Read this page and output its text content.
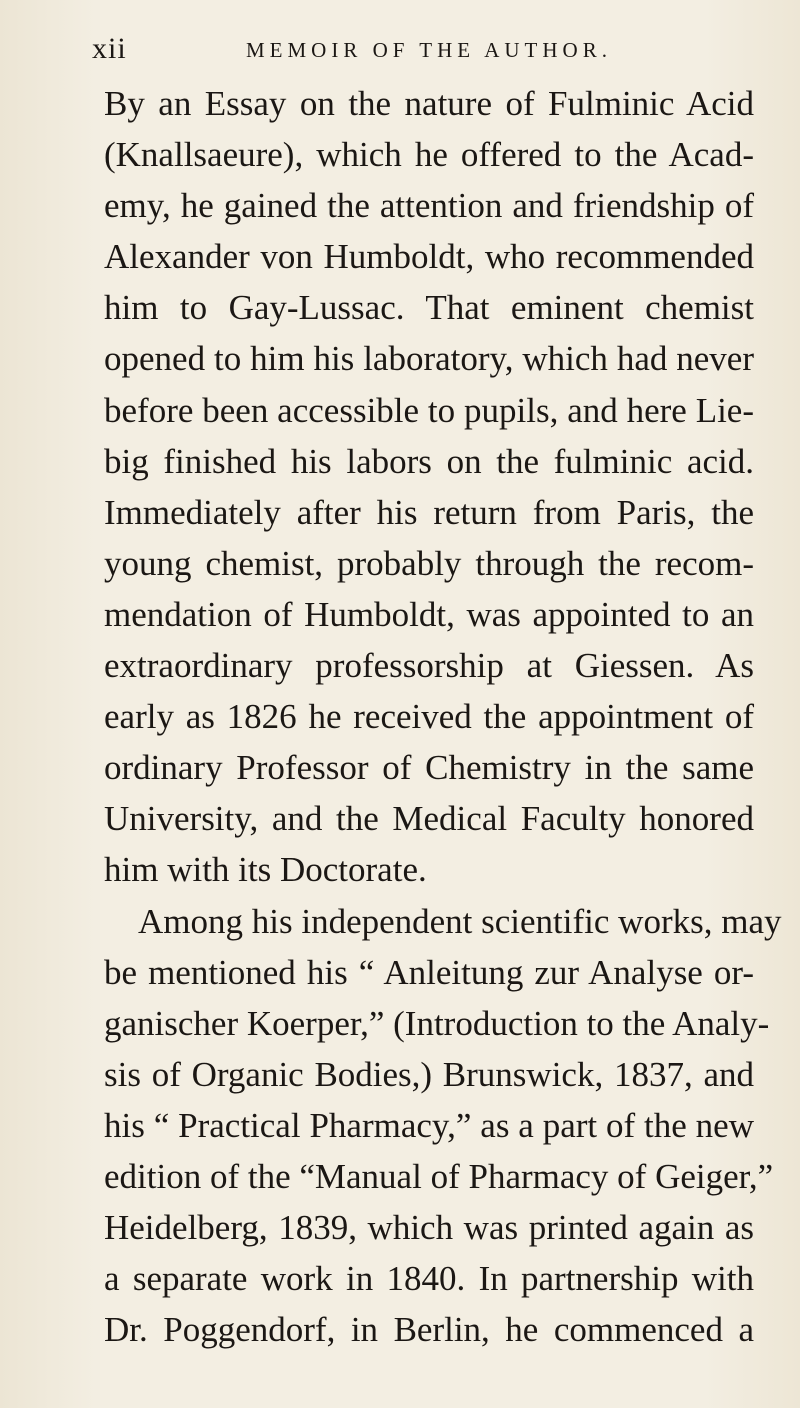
xii	MEMOIR OF THE AUTHOR.
By an Essay on the nature of Fulminic Acid
(Knallsaeure), which he offered to the Acad-
emy, he gained the attention and friendship of
Alexander von Humboldt, who recommended
him to Gay-Lussac. That eminent chemist
opened to him his laboratory, which had never
before been accessible to pupils, and here Lie-
big finished his labors on the fulminic acid.
Immediately after his return from Paris, the
young chemist, probably through the recom-
mendation of Humboldt, was appointed to an
extraordinary professorship at Giessen. As
early as 1826 he received the appointment of
ordinary Professor of Chemistry in the same
University, and the Medical Faculty honored
him with its Doctorate.
Among his independent scientific works, may
be mentioned his “ Anleitung zur Analyse or-
ganischer Koerper,” (Introduction to the Analy-
sis of Organic Bodies,) Brunswick, 1837, and
his “ Practical Pharmacy,” as a part of the new
edition of the “Manual of Pharmacy of Geiger,”
Heidelberg, 1839, which was printed again as
a separate work in 1840. In partnership with
Dr. Poggendorf, in Berlin, he commenced a
